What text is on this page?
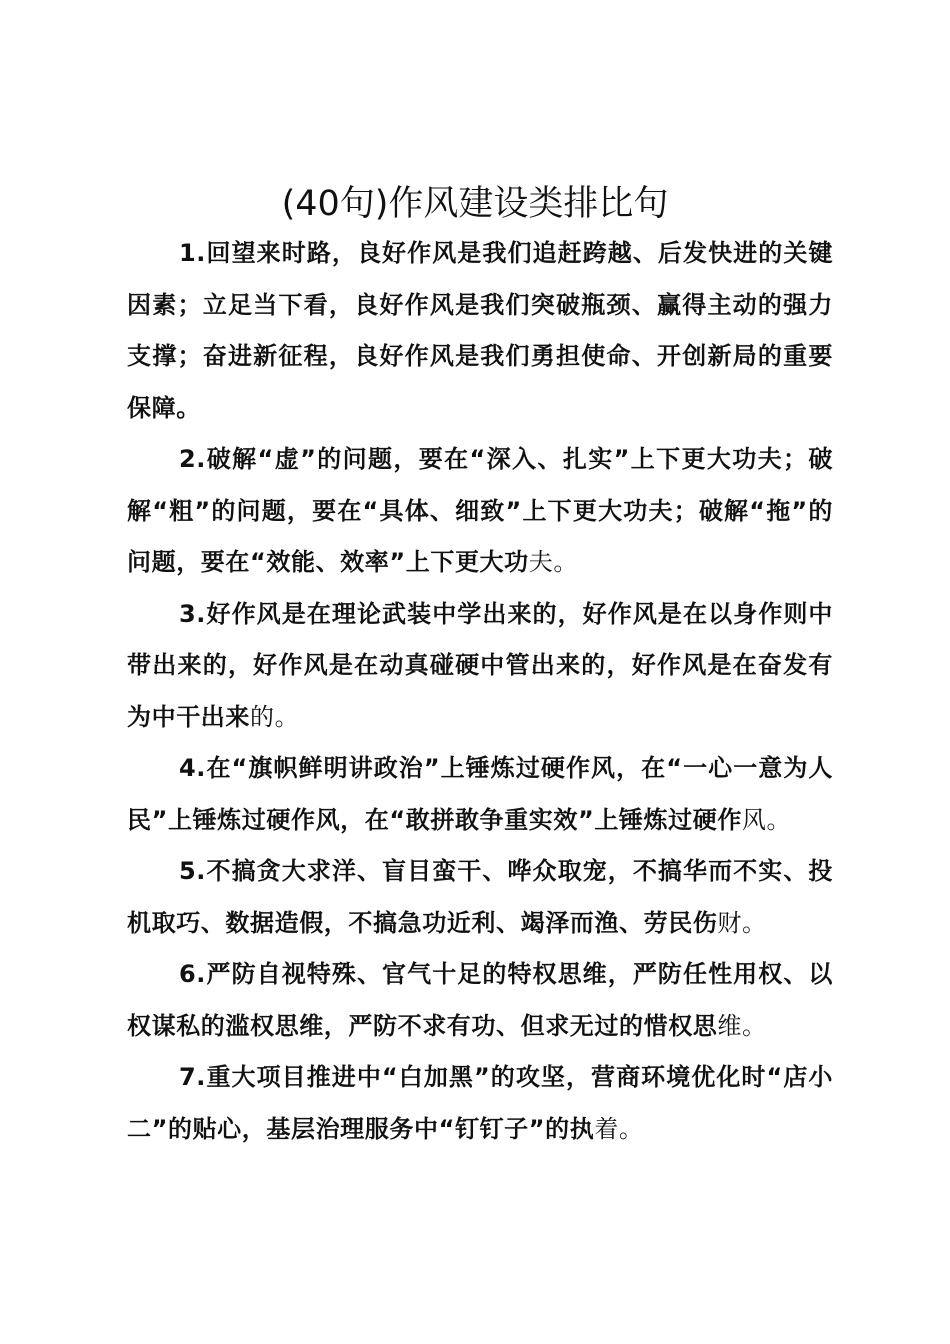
(40句)作风建设类排比句

1.回望来时路，良好作风是我们追赶跨越、后发快进的关键因素；立足当下看，良好作风是我们突破瓶颈、赢得主动的强力支撑；奋进新征程，良好作风是我们勇担使命、开创新局的重要保障。

2.破解“虚”的问题，要在“深入、扎实”上下更大功夫；破解“粗”的问题，要在“具体、细致”上下更大功夫；破解“拖”的问题，要在“效能、效率”上下更大功夫。

3.好作风是在理论武装中学出来的，好作风是在以身作则中带出来的，好作风是在动真碰硬中管出来的，好作风是在奋发有为中干出来的。

4.在“旗帜鲜明讲政治”上锤炼过硬作风，在“一心一意为人民”上锤炼过硬作风，在“敢拼敢争重实效”上锤炼过硬作风。

5.不搞贪大求洋、盲目蛮干、哗众取宠，不搞华而不实、投机取巧、数据造假，不搞急功近利、竭泽而渔、劳民伤财。

6.严防自视特殊、官气十足的特权思维，严防任性用权、以权谋私的滥权思维，严防不求有功、但求无过的惜权思维。

7.重大项目推进中“白加黑”的攻坚，营商环境优化时“店小二”的贴心，基层治理服务中“钉钉子”的执着。
